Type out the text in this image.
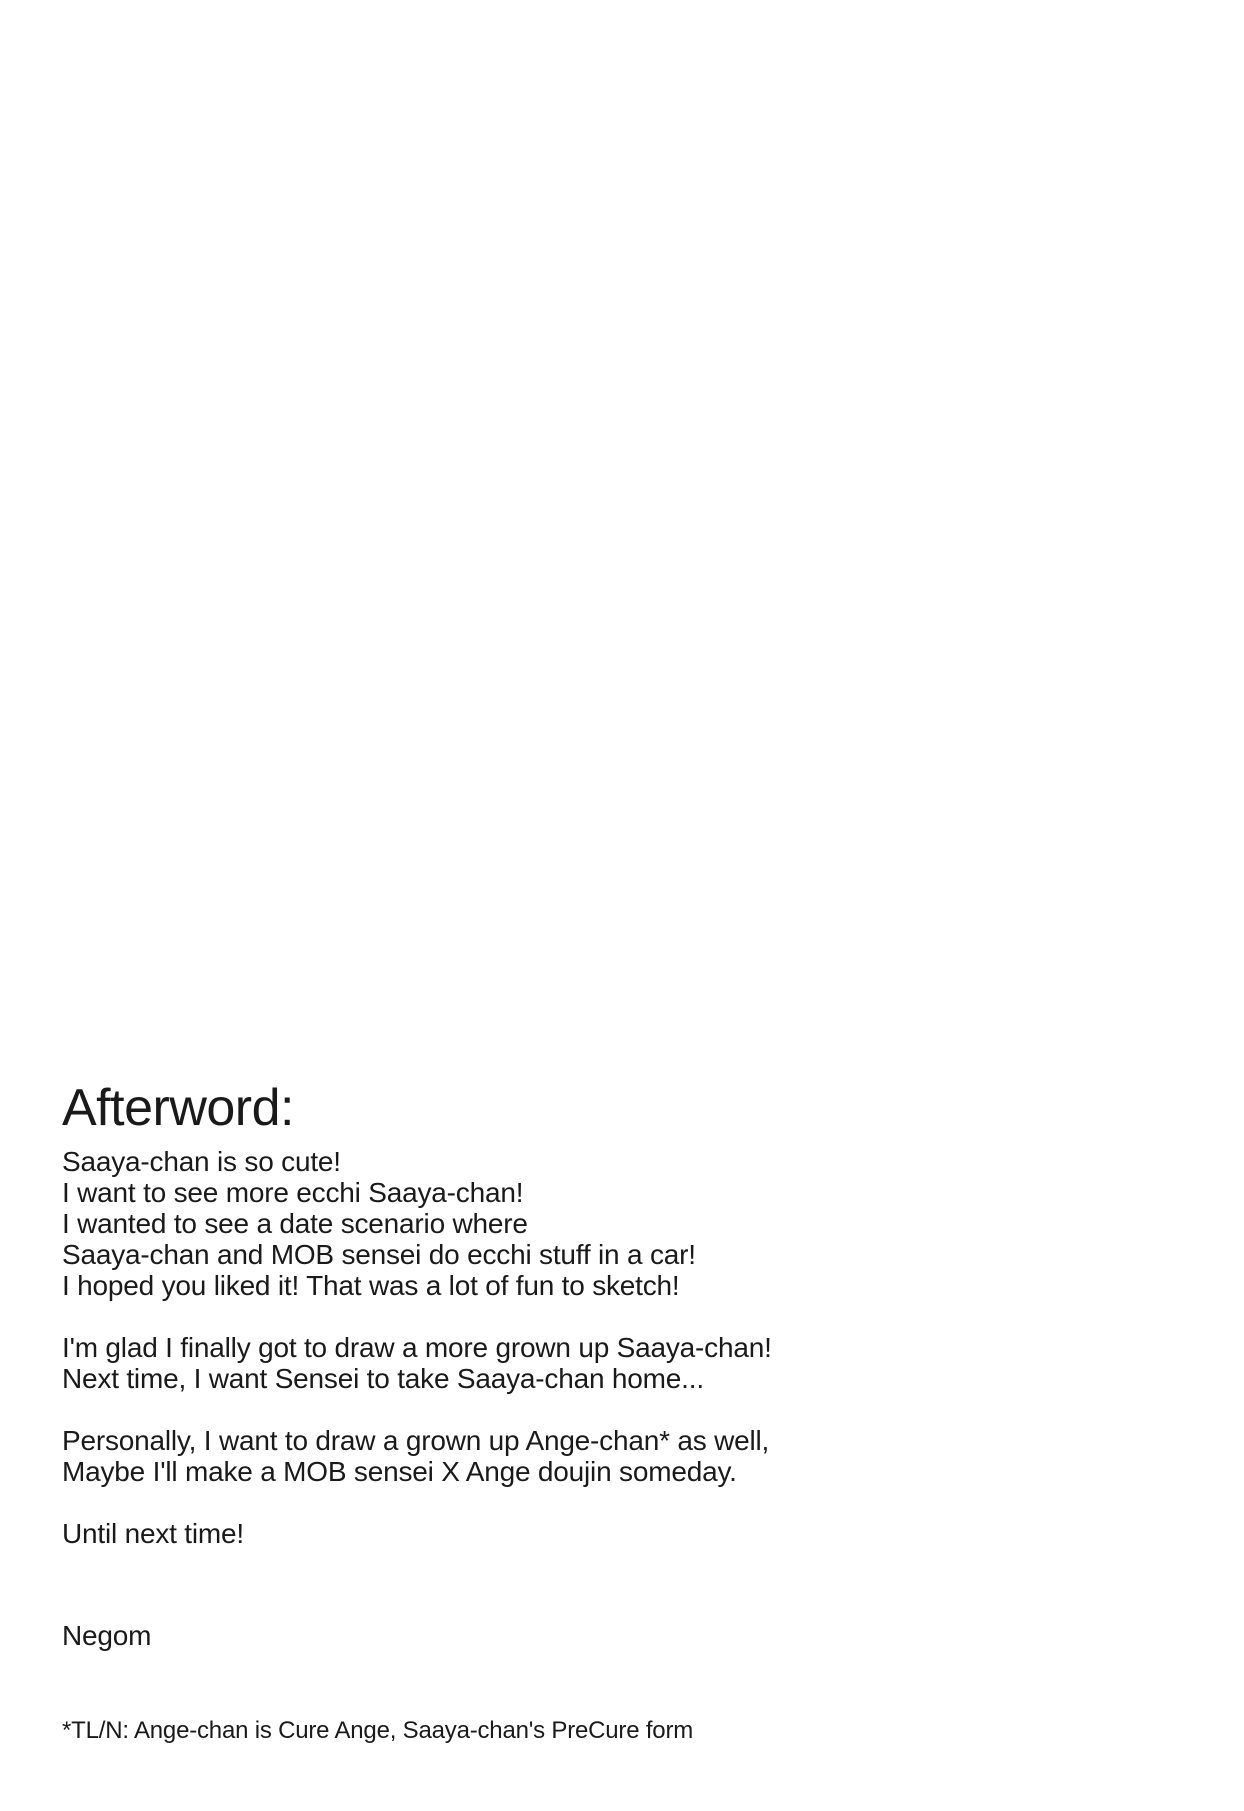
Afterword:
Saaya-chan is so cute!
I want to see more ecchi Saaya-chan!
I wanted to see a date scenario where
Saaya-chan and MOB sensei do ecchi stuff in a car!
I hoped you liked it! That was a lot of fun to sketch!
I'm glad I finally got to draw a more grown up Saaya-chan!
Next time, I want Sensei to take Saaya-chan home...
Personally, I want to draw a grown up Ange-chan* as well,
Maybe I'll make a MOB sensei X Ange doujin someday.
Until next time!
Negom
*TL/N: Ange-chan is Cure Ange, Saaya-chan's PreCure form
